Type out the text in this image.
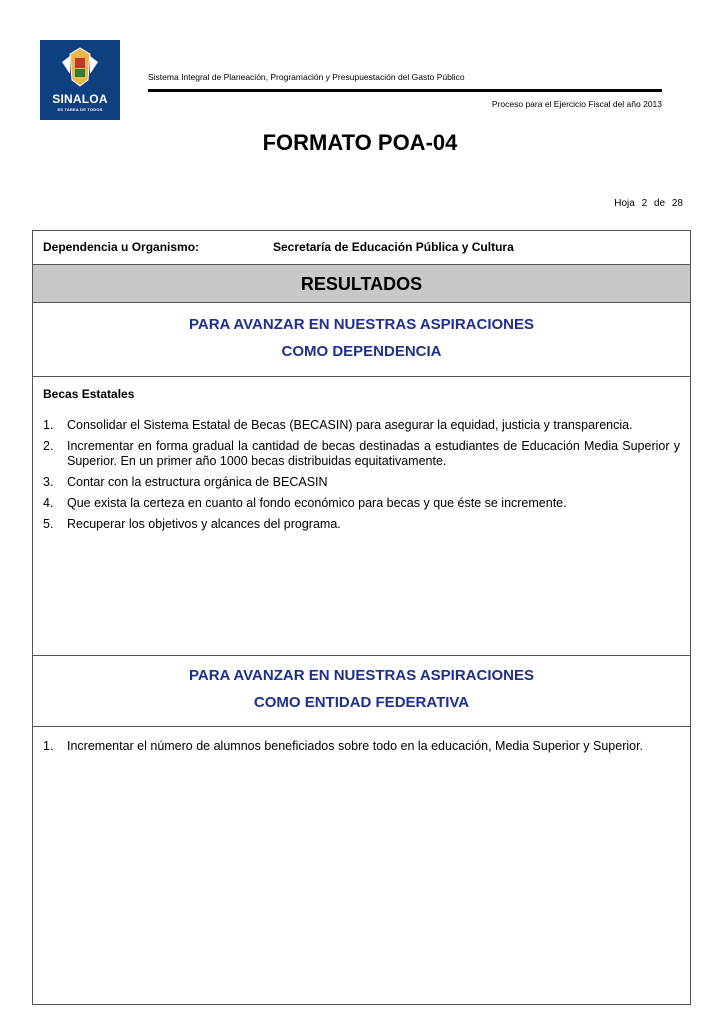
SINALOA
ES TAREA DE TODOS
Sistema Integral de Planeación, Programación y Presupuestación del Gasto Público
Proceso para el Ejercicio Fiscal del año 2013
FORMATO POA-04
Hoja 2 de 28
Dependencia u Organismo:	Secretaría de Educación Pública y Cultura
RESULTADOS
PARA AVANZAR EN NUESTRAS ASPIRACIONES
COMO DEPENDENCIA
Becas Estatales
1. Consolidar el Sistema Estatal de Becas (BECASIN) para asegurar la equidad, justicia y transparencia.
2. Incrementar en forma gradual la cantidad de becas destinadas a estudiantes de Educación Media Superior y Superior. En un primer año 1000 becas distribuidas equitativamente.
3. Contar con la estructura orgánica de BECASIN
4. Que exista la certeza en cuanto al fondo económico para becas y que éste se incremente.
5. Recuperar los objetivos y alcances del programa.
PARA AVANZAR EN NUESTRAS ASPIRACIONES
COMO ENTIDAD FEDERATIVA
1. Incrementar el número de alumnos beneficiados sobre todo en la educación, Media Superior y Superior.
